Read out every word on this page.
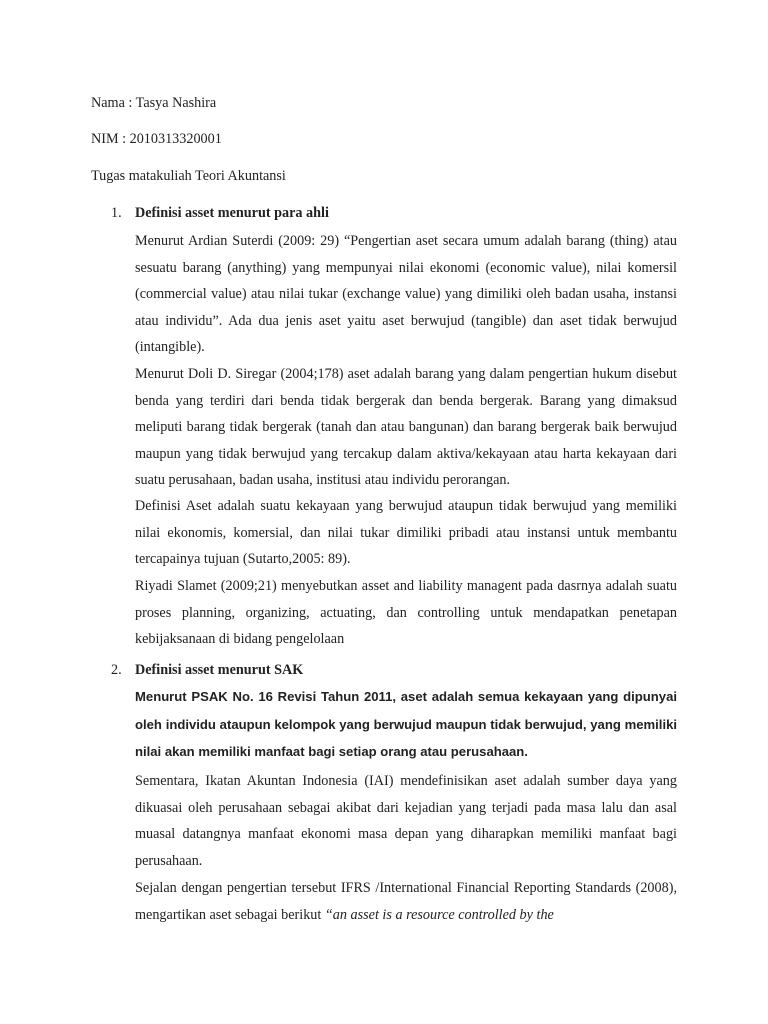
Nama : Tasya Nashira

NIM : 2010313320001

Tugas matakuliah Teori Akuntansi

1. Definisi asset menurut para ahli

Menurut Ardian Suterdi (2009: 29) “Pengertian aset secara umum adalah barang (thing) atau sesuatu barang (anything) yang mempunyai nilai ekonomi (economic value), nilai komersil (commercial value) atau nilai tukar (exchange value) yang dimiliki oleh badan usaha, instansi atau individu”. Ada dua jenis aset yaitu aset berwujud (tangible) dan aset tidak berwujud (intangible).

Menurut Doli D. Siregar (2004;178) aset adalah barang yang dalam pengertian hukum disebut benda yang terdiri dari benda tidak bergerak dan benda bergerak. Barang yang dimaksud meliputi barang tidak bergerak (tanah dan atau bangunan) dan barang bergerak baik berwujud maupun yang tidak berwujud yang tercakup dalam aktiva/kekayaan atau harta kekayaan dari suatu perusahaan, badan usaha, institusi atau individu perorangan.

Definisi Aset adalah suatu kekayaan yang berwujud ataupun tidak berwujud yang memiliki nilai ekonomis, komersial, dan nilai tukar dimiliki pribadi atau instansi untuk membantu tercapainya tujuan (Sutarto,2005: 89).

Riyadi Slamet (2009;21) menyebutkan asset and liability managent pada dasrnya adalah suatu proses planning, organizing, actuating, dan controlling untuk mendapatkan penetapan kebijaksanaan di bidang pengelolaan

2. Definisi asset menurut SAK

Menurut PSAK No. 16 Revisi Tahun 2011, aset adalah semua kekayaan yang dipunyai oleh individu ataupun kelompok yang berwujud maupun tidak berwujud, yang memiliki nilai akan memiliki manfaat bagi setiap orang atau perusahaan.

Sementara, Ikatan Akuntan Indonesia (IAI) mendefinisikan aset adalah sumber daya yang dikuasai oleh perusahaan sebagai akibat dari kejadian yang terjadi pada masa lalu dan asal muasal datangnya manfaat ekonomi masa depan yang diharapkan memiliki manfaat bagi perusahaan.

Sejalan dengan pengertian tersebut IFRS /International Financial Reporting Standards (2008), mengartikan aset sebagai berikut “an asset is a resource controlled by the
